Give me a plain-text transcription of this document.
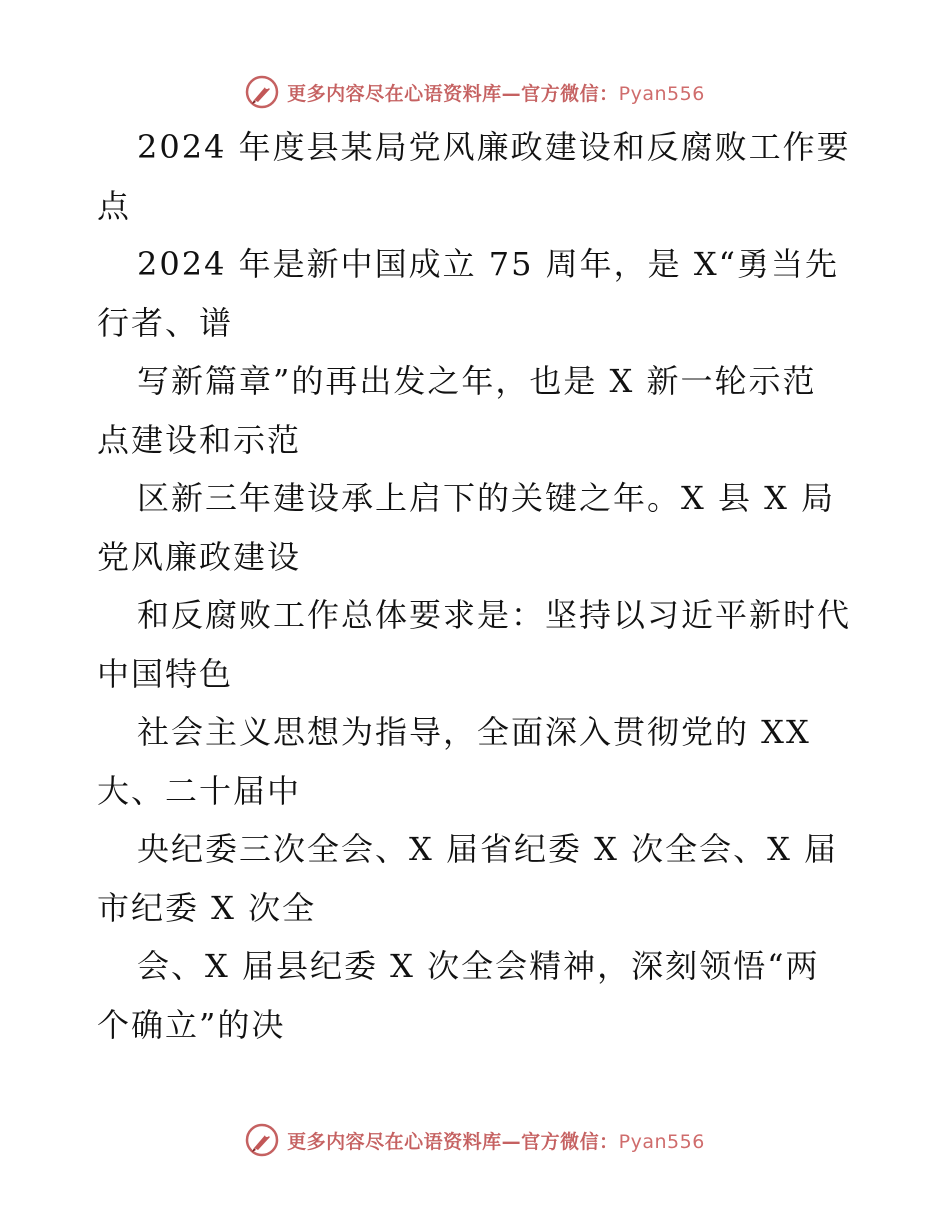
更多内容尽在心语资料库—官方微信：Pyan556
2024 年度县某局党风廉政建设和反腐败工作要
点
2024 年是新中国成立 75 周年，是 X“勇当先
行者、谱
写新篇章”的再出发之年，也是 X 新一轮示范
点建设和示范
区新三年建设承上启下的关键之年。X 县 X 局
党风廉政建设
和反腐败工作总体要求是：坚持以习近平新时代
中国特色
社会主义思想为指导，全面深入贯彻党的 XX
大、二十届中
央纪委三次全会、X 届省纪委 X 次全会、X 届
市纪委 X 次全
会、X 届县纪委 X 次全会精神，深刻领悟“两
个确立”的决
更多内容尽在心语资料库—官方微信：Pyan556
